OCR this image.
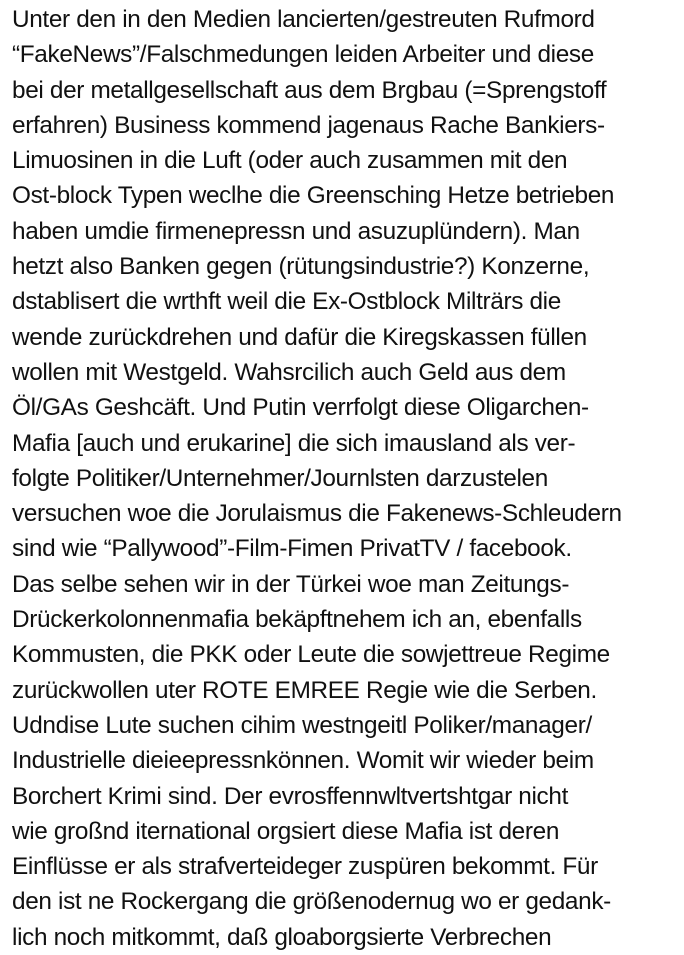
Unter den in den Medien lancierten/gestreuten Rufmord
“FakeNews”/Falschmedungen leiden Arbeiter und diese
bei der metallgesellschaft aus dem Brgbau (=Sprengstoff
erfahren) Business kommend jagenaus Rache Bankiers-
Limuosinen in die Luft (oder auch zusammen mit den
Ost-block Typen weclhe die Greensching Hetze betrieben
haben umdie firmenepressn und asuzuplündern). Man
hetzt also Banken gegen (rütungsindustrie?) Konzerne,
dstablisert die wrthft weil die Ex-Ostblock Milträrs die
wende zurückdrehen und dafür die Kiregskassen füllen
wollen mit Westgeld. Wahsrcilich auch Geld aus dem
Öl/GAs Geshcäft. Und Putin verrfolgt diese Oligarchen-
Mafia [auch und erukarine] die sich imausland als ver-
folgte Politiker/Unternehmer/Journlsten darzustelen
versuchen woe die Jorulaismus die Fakenews-Schleudern
sind wie “Pallywood”-Film-Fimen PrivatTV / facebook.
Das selbe sehen wir in der Türkei woe man Zeitungs-
Drückerkolonnenmafia bekäpftnehem ich an, ebenfalls
Kommusten, die PKK oder Leute die sowjettreue Regime
zurückwollen uter ROTE EMREE Regie wie die Serben.
Udndise Lute suchen cihim westngeitl Poliker/manager/
Industrielle dieieepressnkönnen. Womit wir wieder beim
Borchert Krimi sind. Der evrosffennwltvertshtgar nicht
wie großnd iternational orgsiert diese Mafia ist deren
Einflüsse er als strafverteideger zuspüren bekommt. Für
den ist ne Rockergang die größenodernug wo er gedank-
lich noch mitkommt, daß gloaborgsierte Verbrechen
